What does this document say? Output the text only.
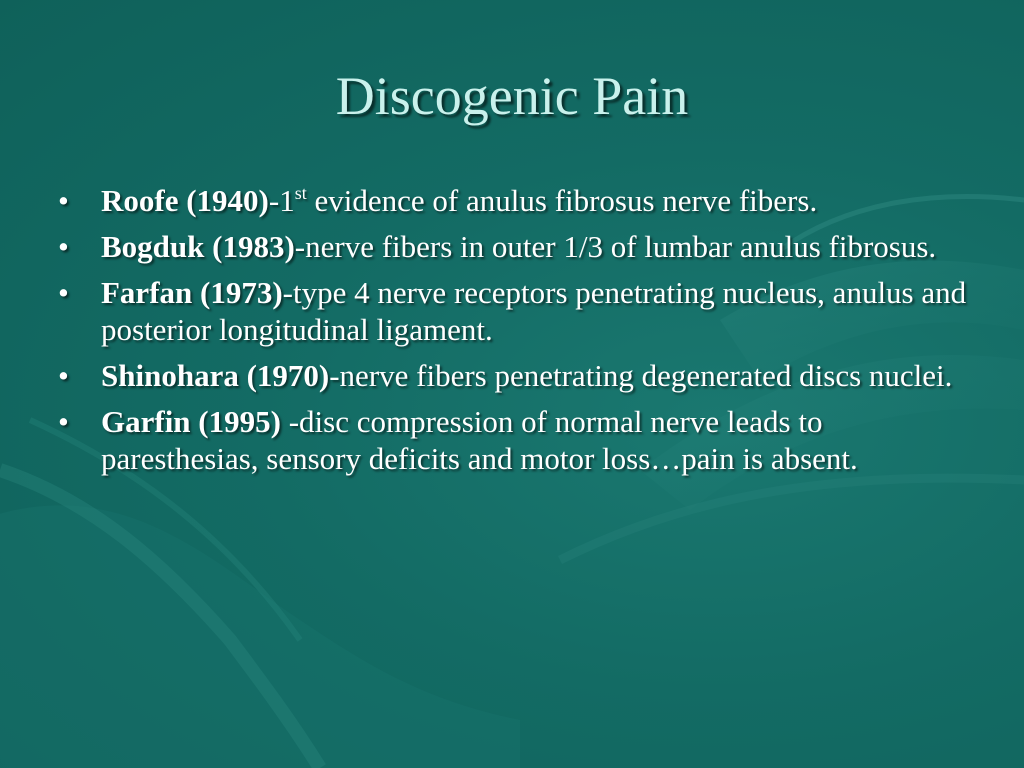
Discogenic Pain
• Roofe (1940)-1st evidence of anulus fibrosus nerve fibers.
• Bogduk (1983)-nerve fibers in outer 1/3 of lumbar anulus fibrosus.
• Farfan (1973)-type 4 nerve receptors penetrating nucleus, anulus and posterior longitudinal ligament.
• Shinohara (1970)-nerve fibers penetrating degenerated discs nuclei.
• Garfin (1995) -disc compression of normal nerve leads to paresthesias, sensory deficits and motor loss…pain is absent.
